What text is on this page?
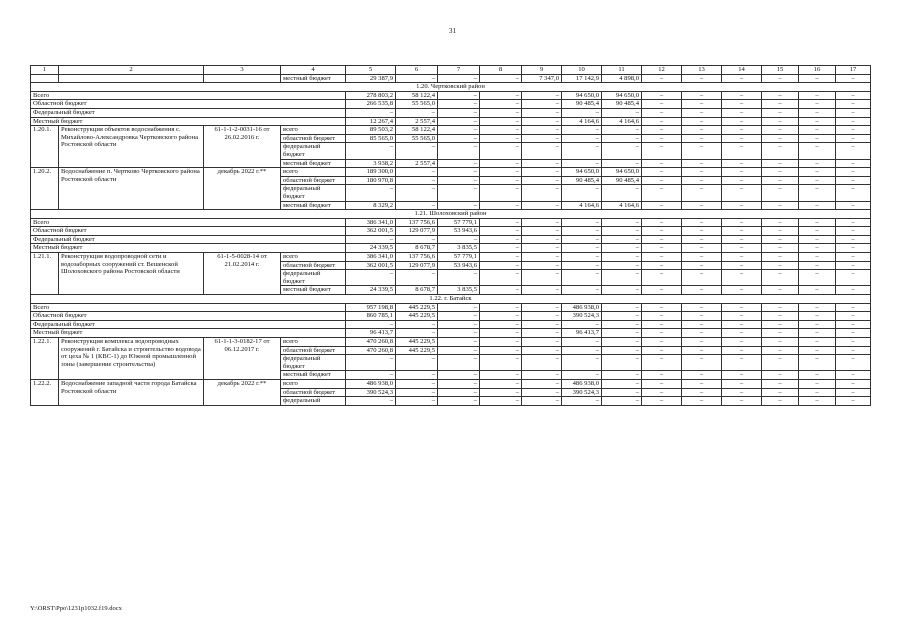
31
1	2	3	4	5	6	7	8	9	10	11	12	13	14	15	16	17
			местный бюджет	29 387,9	–	–	–	7 347,0	17 142,9	4 898,0	–	–	–	–	–	–
1.20. Чертковский район																
Всего				278 803,2	58 122,4	–	–	–	94 650,0	94 650,0	–	–	–	–	–	–
Областной бюджет				266 535,8	55 565,0	–	–	–	90 485,4	90 485,4	–	–	–	–	–	–
Федеральный бюджет				–	–	–	–	–	–	–	–	–	–	–	–	–
Местный бюджет				12 267,4	2 557,4	–	–	–	4 164,6	4 164,6	–	–	–	–	–	–
1.20.1.	Реконструкция объектов водоснабжения с. Михайлово-Александровка Чертковского района Ростовской области	61-1-1-2-0031-16 от 26.02.2016 г.	всего	89 503,2	58 122,4	–	–	–	–	–	–	–	–	–	–	–
			областной бюджет	85 565,0	55 565,0	–	–	–	–	–	–	–	–	–	–	–
			федеральный бюджет	–	–	–	–	–	–	–	–	–	–	–	–	–
			местный бюджет	3 938,2	2 557,4	–	–	–	–	–	–	–	–	–	–	–
1.20.2.	Водоснабжение п. Чертково Чертковского района Ростовской области	декабрь 2022 г.**	всего	189 300,0	–	–	–	–	94 650,0	94 650,0	–	–	–	–	–	–
			областной бюджет	180 970,8	–	–	–	–	90 485,4	90 485,4	–	–	–	–	–	–
			федеральный бюджет	–	–	–	–	–	–	–	–	–	–	–	–	–
			местный бюджет	8 329,2	–	–	–	–	4 164,6	4 164,6	–	–	–	–	–	–
1.21. Шолоховский район																
Всего				386 341,0	137 756,6	57 779,1	–	–	–	–	–	–	–	–	–	–
Областной бюджет				362 001,5	129 077,9	53 943,6	–	–	–	–	–	–	–	–	–	–
Федеральный бюджет				–	–	–	–	–	–	–	–	–	–	–	–	–
Местный бюджет				24 339,5	8 678,7	3 835,5	–	–	–	–	–	–	–	–	–	–
1.21.1.	Реконструкция водопроводной сети и водозаборных сооружений ст. Вешенской Шолоховского района Ростовской области	61-1-5-0028-14 от 21.02.2014 г.	всего	386 341,0	137 756,6	57 779,1	–	–	–	–	–	–	–	–	–	–
			областной бюджет	362 001,5	129 077,9	53 943,6	–	–	–	–	–	–	–	–	–	–
			федеральный бюджет	–	–	–	–	–	–	–	–	–	–	–	–	–
			местный бюджет	24 339,5	8 678,7	3 835,5	–	–	–	–	–	–	–	–	–	–
1.22. г. Батайск																
Всего				957 198,8	445 229,5	–	–	–	486 938,0	–	–	–	–	–	–	–
Областной бюджет				860 785,1	445 229,5	–	–	–	390 524,3	–	–	–	–	–	–	–
Федеральный бюджет				–	–	–	–	–	–	–	–	–	–	–	–	–
Местный бюджет				96 413,7	–	–	–	–	96 413,7	–	–	–	–	–	–	–
1.22.1.	Реконструкция комплекса водопроводных сооружений г. Батайска и строительство водовода от цеха № 1 (КВС-1) до Южной промышленной зоны (завершение строительства)	61-1-1-3-0182-17 от 06.12.2017 г.	всего	470 260,8	445 229,5	–	–	–	–	–	–	–	–	–	–	–
			областной бюджет	470 260,8	445 229,5	–	–	–	–	–	–	–	–	–	–	–
			федеральный бюджет	–	–	–	–	–	–	–	–	–	–	–	–	–
			местный бюджет	–	–	–	–	–	–	–	–	–	–	–	–	–
1.22.2.	Водоснабжение западной части города Батайска Ростовской области	декабрь 2022 г.**	всего	486 938,0	–	–	–	–	486 938,0	–	–	–	–	–	–	–
			областной бюджет	390 524,3	–	–	–	–	390 524,3	–	–	–	–	–	–	–
			федеральный	–	–	–	–	–	–	–	–	–	–	–	–	–
Y:\ORST\Ppo\1231p1032.f19.docx
